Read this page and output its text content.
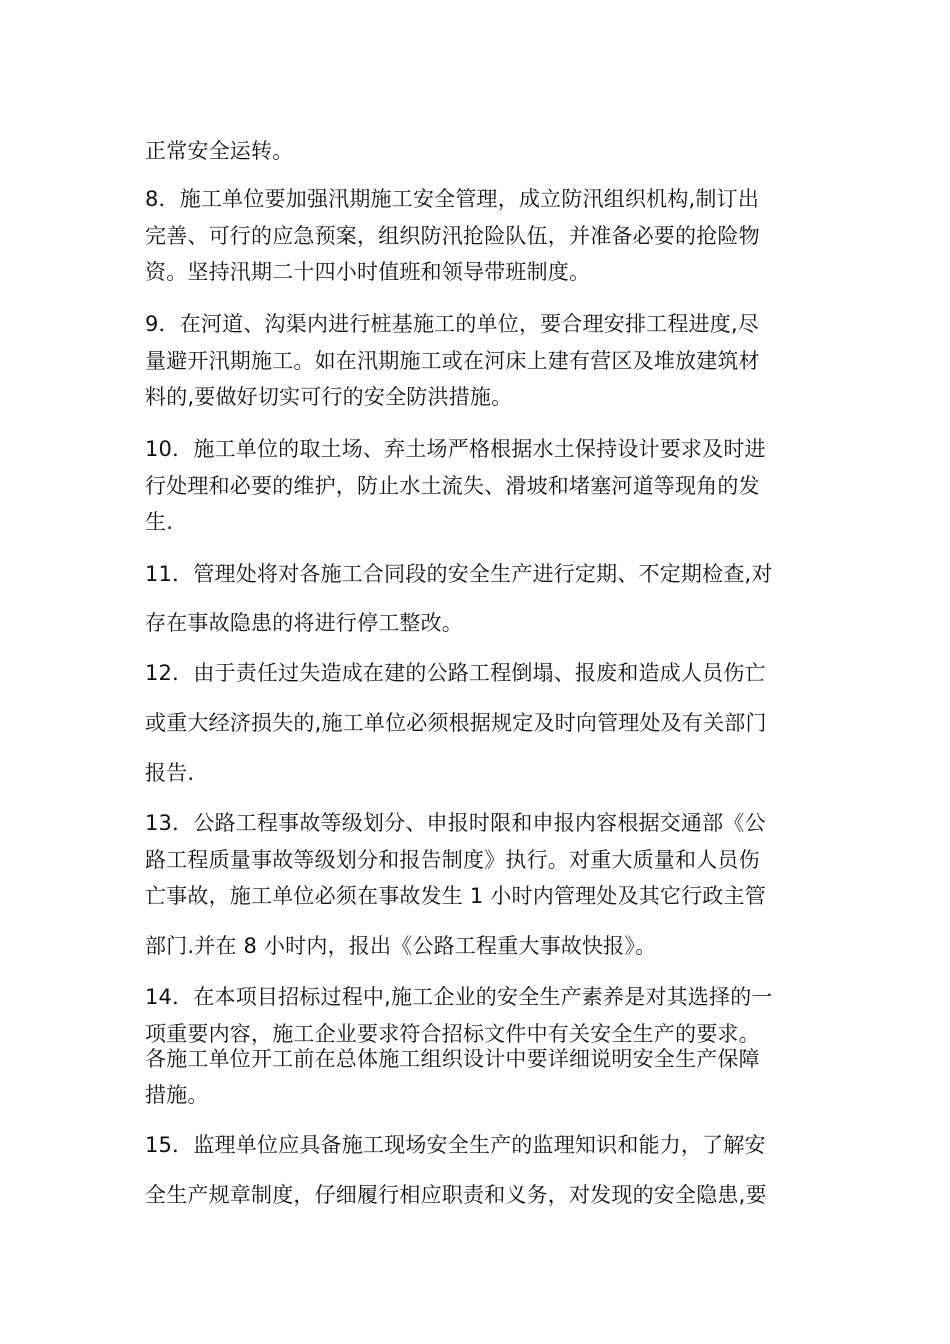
正常安全运转。
8．施工单位要加强汛期施工安全管理，成立防汛组织机构,制订出
完善、可行的应急预案，组织防汛抢险队伍，并准备必要的抢险物
资。坚持汛期二十四小时值班和领导带班制度。
9．在河道、沟渠内进行桩基施工的单位，要合理安排工程进度,尽
量避开汛期施工。如在汛期施工或在河床上建有营区及堆放建筑材
料的,要做好切实可行的安全防洪措施。
10．施工单位的取土场、弃土场严格根据水土保持设计要求及时进
行处理和必要的维护，防止水土流失、滑坡和堵塞河道等现角的发
生.
11．管理处将对各施工合同段的安全生产进行定期、不定期检查,对
存在事故隐患的将进行停工整改。
12．由于责任过失造成在建的公路工程倒塌、报废和造成人员伤亡
或重大经济损失的,施工单位必须根据规定及时向管理处及有关部门
报告.
13．公路工程事故等级划分、申报时限和申报内容根据交通部《公
路工程质量事故等级划分和报告制度》执行。对重大质量和人员伤
亡事故，施工单位必须在事故发生 1 小时内管理处及其它行政主管
部门.并在 8 小时内，报出《公路工程重大事故快报》。
14．在本项目招标过程中,施工企业的安全生产素养是对其选择的一
项重要内容，施工企业要求符合招标文件中有关安全生产的要求。
各施工单位开工前在总体施工组织设计中要详细说明安全生产保障
措施。
15．监理单位应具备施工现场安全生产的监理知识和能力，了解安
全生产规章制度，仔细履行相应职责和义务，对发现的安全隐患,要
